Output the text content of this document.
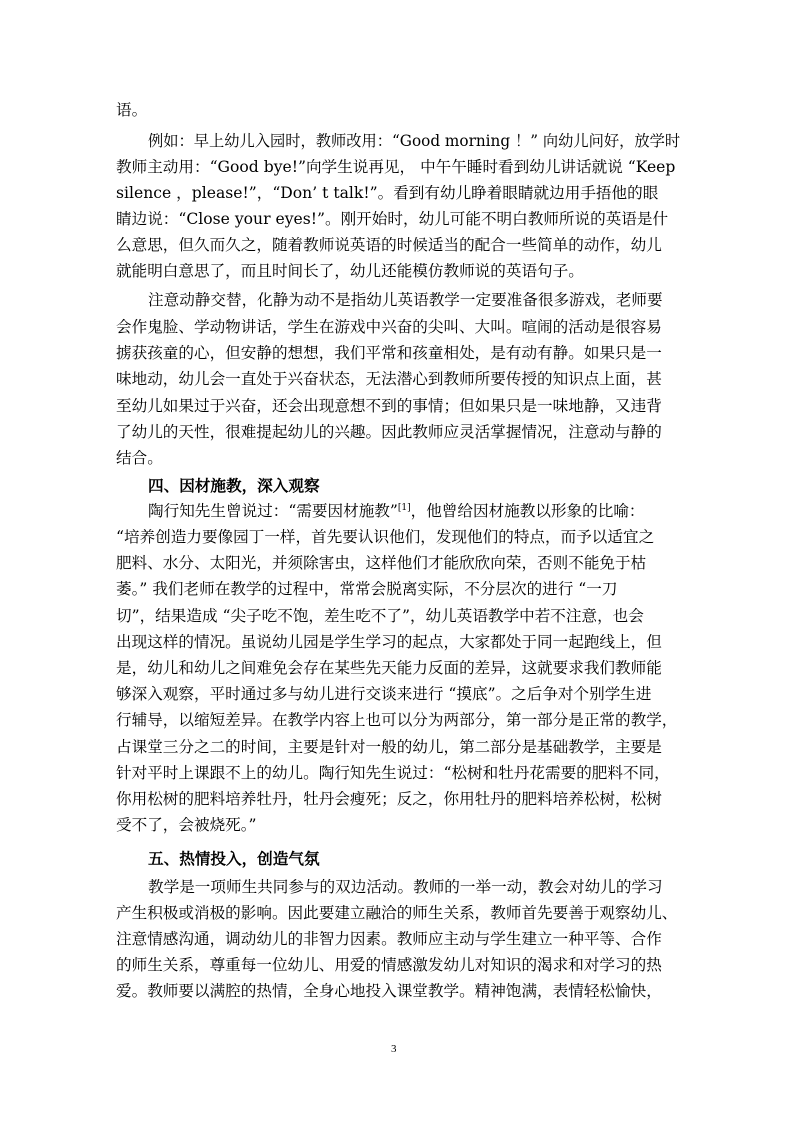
语。
例如：早上幼儿入园时，教师改用：“Good morning ！” 向幼儿问好，放学时
教师主动用：“Good bye!”向学生说再见， 中午午睡时看到幼儿讲话就说 “Keep
silence ，please!”，“Don’ t talk!”。看到有幼儿睁着眼睛就边用手捂他的眼
睛边说：“Close your eyes!”。刚开始时，幼儿可能不明白教师所说的英语是什
么意思，但久而久之，随着教师说英语的时候适当的配合一些简单的动作，幼儿
就能明白意思了，而且时间长了，幼儿还能模仿教师说的英语句子。
注意动静交替，化静为动不是指幼儿英语教学一定要准备很多游戏，老师要
会作鬼脸、学动物讲话，学生在游戏中兴奋的尖叫、大叫。喧闹的活动是很容易
掳获孩童的心，但安静的想想，我们平常和孩童相处，是有动有静。如果只是一
味地动，幼儿会一直处于兴奋状态，无法潜心到教师所要传授的知识点上面，甚
至幼儿如果过于兴奋，还会出现意想不到的事情；但如果只是一味地静，又违背
了幼儿的天性，很难提起幼儿的兴趣。因此教师应灵活掌握情况，注意动与静的
结合。
四、因材施教，深入观察
陶行知先生曾说过：“需要因材施教”[1]，他曾给因材施教以形象的比喻：
“培养创造力要像园丁一样，首先要认识他们，发现他们的特点，而予以适宜之
肥料、水分、太阳光，并须除害虫，这样他们才能欣欣向荣，否则不能免于枯
萎。” 我们老师在教学的过程中，常常会脱离实际，不分层次的进行 “一刀
切”，结果造成 “尖子吃不饱，差生吃不了”，幼儿英语教学中若不注意，也会
出现这样的情况。虽说幼儿园是学生学习的起点，大家都处于同一起跑线上，但
是，幼儿和幼儿之间难免会存在某些先天能力反面的差异，这就要求我们教师能
够深入观察，平时通过多与幼儿进行交谈来进行 “摸底”。之后争对个别学生进
行辅导，以缩短差异。在教学内容上也可以分为两部分，第一部分是正常的教学，
占课堂三分之二的时间，主要是针对一般的幼儿，第二部分是基础教学，主要是
针对平时上课跟不上的幼儿。陶行知先生说过：“松树和牡丹花需要的肥料不同，
你用松树的肥料培养牡丹，牡丹会瘦死；反之，你用牡丹的肥料培养松树，松树
受不了，会被烧死。”
五、热情投入，创造气氛
教学是一项师生共同参与的双边活动。教师的一举一动，教会对幼儿的学习
产生积极或消极的影响。因此要建立融洽的师生关系，教师首先要善于观察幼儿、
注意情感沟通，调动幼儿的非智力因素。教师应主动与学生建立一种平等、合作
的师生关系，尊重每一位幼儿、用爱的情感激发幼儿对知识的渴求和对学习的热
爱。教师要以满腔的热情，全身心地投入课堂教学。精神饱满，表情轻松愉快，
3
